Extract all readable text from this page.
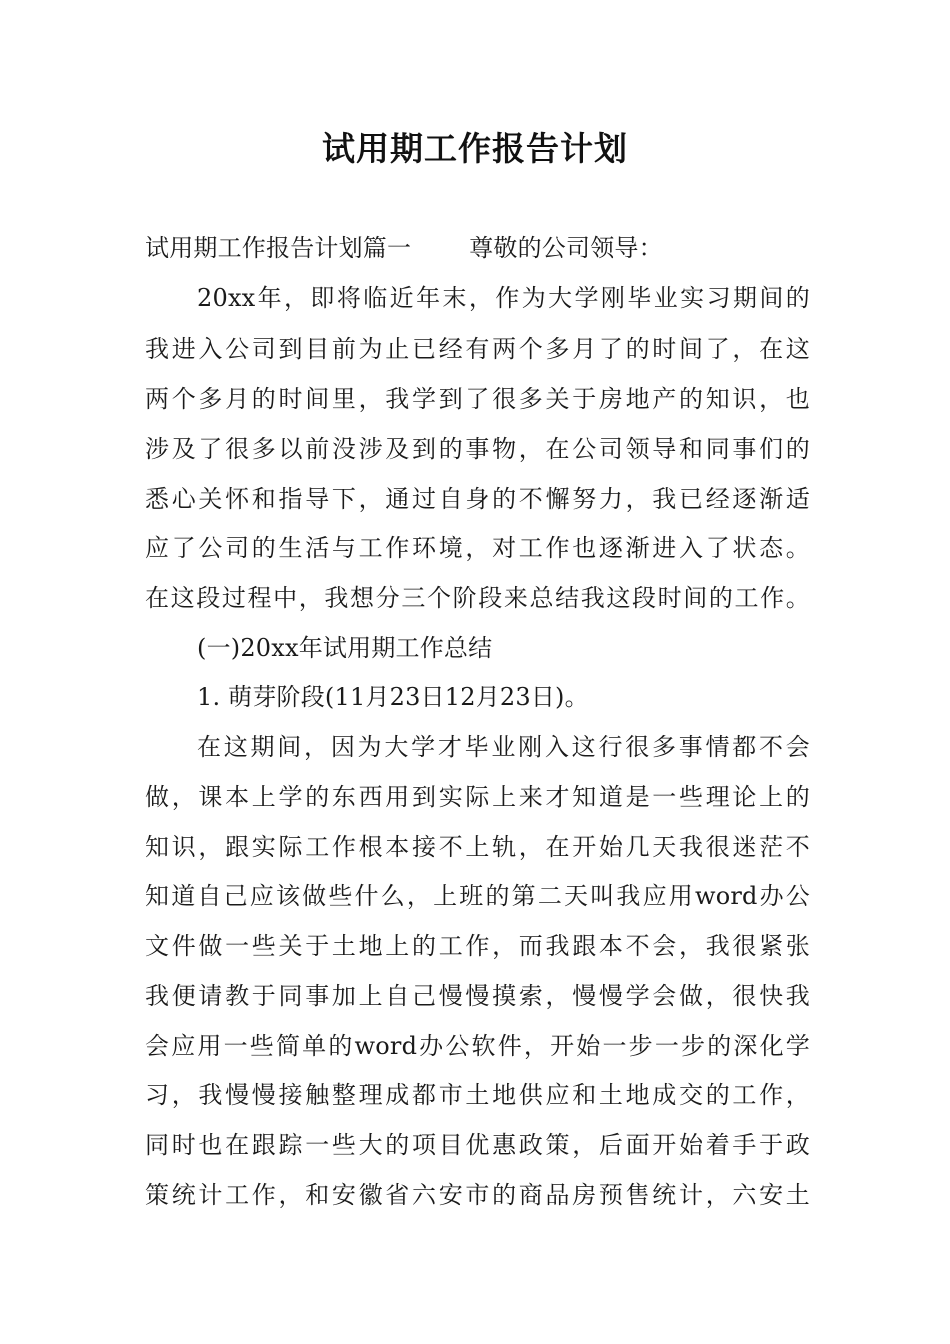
试用期工作报告计划
试用期工作报告计划篇一 尊敬的公司领导：
20xx年，即将临近年末，作为大学刚毕业实习期间的
我进入公司到目前为止已经有两个多月了的时间了，在这
两个多月的时间里，我学到了很多关于房地产的知识，也
涉及了很多以前没涉及到的事物，在公司领导和同事们的
悉心关怀和指导下，通过自身的不懈努力，我已经逐渐适
应了公司的生活与工作环境，对工作也逐渐进入了状态。
在这段过程中，我想分三个阶段来总结我这段时间的工作。
(一)20xx年试用期工作总结
1. 萌芽阶段(11月23日12月23日)。
在这期间，因为大学才毕业刚入这行很多事情都不会
做，课本上学的东西用到实际上来才知道是一些理论上的
知识，跟实际工作根本接不上轨，在开始几天我很迷茫不
知道自己应该做些什么，上班的第二天叫我应用word办公
文件做一些关于土地上的工作，而我跟本不会，我很紧张
我便请教于同事加上自己慢慢摸索，慢慢学会做，很快我
会应用一些简单的word办公软件，开始一步一步的深化学
习，我慢慢接触整理成都市土地供应和土地成交的工作，
同时也在跟踪一些大的项目优惠政策，后面开始着手于政
策统计工作，和安徽省六安市的商品房预售统计，六安土
